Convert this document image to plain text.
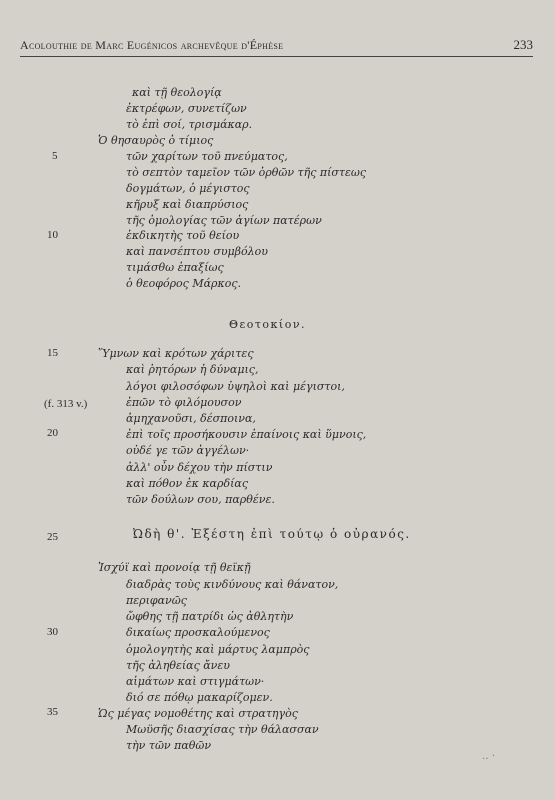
Acolouthie de Marc Eugénicos archevêque d'Éphèse	233
5
10
15
(f. 313 v.)
20
25
30
35
καὶ τῇ θεολογίᾳ
ἐκτρέφων, συνετίζων
τὸ ἐπὶ σοί, τρισμάκαρ.
Ὁ θησαυρὸς ὁ τίμιος
τῶν χαρίτων τοῦ πνεύματος,
τὸ σεπτὸν ταμεῖον τῶν ὀρθῶν τῆς πίστεως
δογμάτων, ὁ μέγιστος
κῆρυξ καὶ διαπρύσιος
τῆς ὁμολογίας τῶν ἁγίων πατέρων
ἐκδικητὴς τοῦ θείου
καὶ πανσέπτου συμβόλου
τιμάσθω ἐπαξίως
ὁ θεοφόρος Μάρκος.
Θεοτοκίον.
Ὕμνων καὶ κρότων χάριτες
καὶ ῥητόρων ἡ δύναμις,
λόγοι φιλοσόφων ὑψηλοὶ καὶ μέγιστοι,
ἐπῶν τὸ φιλόμουσον
ἀμηχανοῦσι, δέσποινα,
ἐπὶ τοῖς προσήκουσιν ἐπαίνοις καὶ ὕμνοις,
οὐδέ γε τῶν ἀγγέλων·
ἀλλ' οὖν δέχου τὴν πίστιν
καὶ πόθον ἐκ καρδίας
τῶν δούλων σου, παρθένε.
Ὠδὴ θ'. Ἐξέστη ἐπὶ τούτῳ ὁ οὐρανός.
Ἰσχύϊ καὶ προνοίᾳ τῇ θεϊκῇ
διαδρὰς τοὺς κινδύνους καὶ θάνατον,
περιφανῶς
ὤφθης τῇ πατρίδι ὡς ἀθλητὴν
δικαίως προσκαλούμενος
ὁμολογητὴς καὶ μάρτυς λαμπρὸς
τῆς ἀληθείας ἄνευ
αἱμάτων καὶ στιγμάτων·
διό σε πόθῳ μακαρίζομεν.
Ὡς μέγας νομοθέτης καὶ στρατηγὸς
Μωϋσῆς διασχίσας τὴν θάλασσαν
τὴν τῶν παθῶν
‥ ·
